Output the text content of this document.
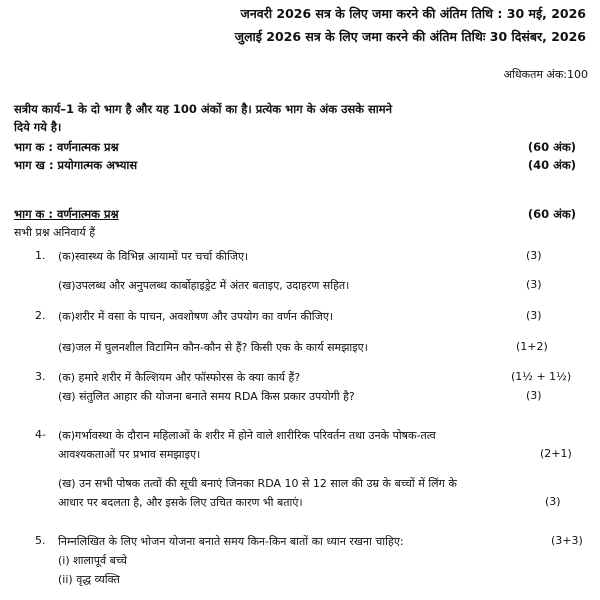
जनवरी 2026 सत्र के लिए जमा करने की अंतिम तिथि : 30 मई, 2026
जुलाई 2026 सत्र के लिए जमा करने की अंतिम तिथिः 30 दिसंबर, 2026
अधिकतम अंक:100
सत्रीय कार्य–1 के दो भाग है और यह 100 अंकों का है। प्रत्येक भाग के अंक उसके सामने
दिये गये है।
भाग क : वर्णनात्मक प्रश्न	(60 अंक)
भाग ख : प्रयोगात्मक अभ्यास	(40 अंक)
भाग क : वर्णनात्मक प्रश्न	(60 अंक)
सभी प्रश्न अनिवार्य हैं
1. (क)स्वास्थ्य के विभिन्न आयामों पर चर्चा कीजिए।	(3)
(ख)उपलब्ध और अनुपलब्ध कार्बोहाइड्रेट में अंतर बताइए, उदाहरण सहित।	(3)
2. (क)शरीर में वसा के पाचन, अवशोषण और उपयोग का वर्णन कीजिए।	(3)
(ख)जल में घुलनशील विटामिन कौन-कौन से हैं? किसी एक के कार्य समझाइए।	(1+2)
3. (क) हमारे शरीर में कैल्शियम और फॉस्फोरस के क्या कार्य हैं?	(1½ + 1½)
(ख) संतुलित आहार की योजना बनाते समय RDA किस प्रकार उपयोगी है?	(3)
4- (क)गर्भावस्था के दौरान महिलाओं के शरीर में होने वाले शारीरिक परिवर्तन तथा उनके पोषक-तत्व
आवश्यकताओं पर प्रभाव समझाइए।	(2+1)
(ख) उन सभी पोषक तत्वों की सूची बनाएं जिनका RDA 10 से 12 साल की उम्र के बच्चों में लिंग के
आधार पर बदलता है, और इसके लिए उचित कारण भी बताएं।	(3)
5. निम्नलिखित के लिए भोजन योजना बनाते समय किन-किन बातों का ध्यान रखना चाहिए:	(3+3)
(i) शालापूर्व बच्चे
(ii) वृद्ध व्यक्ति
